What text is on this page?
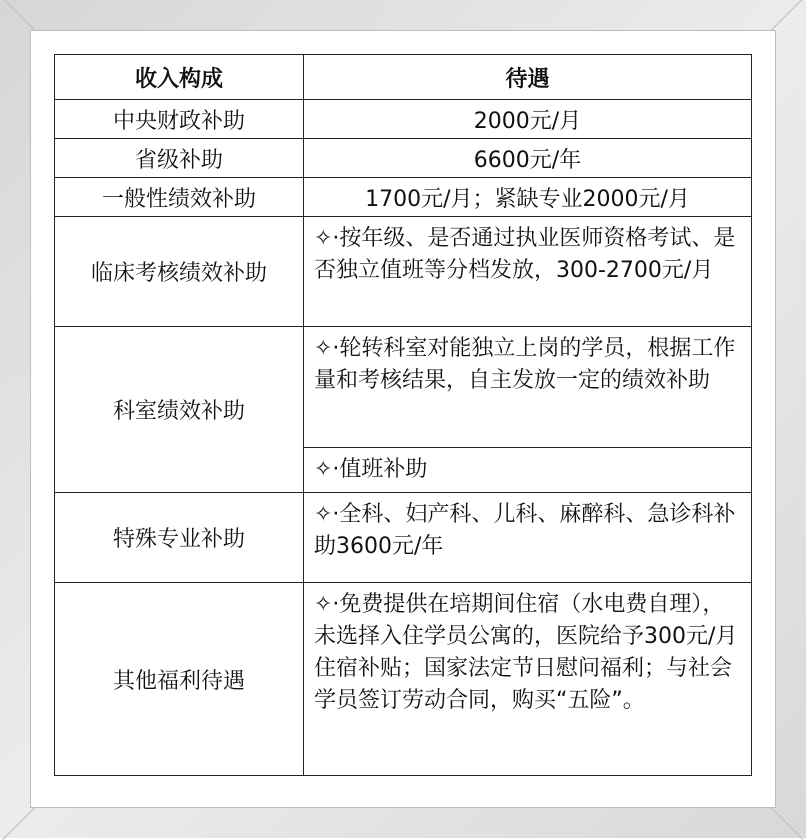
收入构成	待遇
中央财政补助	2000元/月
省级补助	6600元/年
一般性绩效补助	1700元/月；紧缺专业2000元/月
临床考核绩效补助	✧·按年级、是否通过执业医师资格考试、是否独立值班等分档发放，300-2700元/月
科室绩效补助	✧·轮转科室对能独立上岗的学员，根据工作量和考核结果，自主发放一定的绩效补助
	✧·值班补助
特殊专业补助	✧·全科、妇产科、儿科、麻醉科、急诊科补助3600元/年
其他福利待遇	✧·免费提供在培期间住宿（水电费自理），未选择入住学员公寓的，医院给予300元/月住宿补贴；国家法定节日慰问福利；与社会学员签订劳动合同，购买“五险”。
